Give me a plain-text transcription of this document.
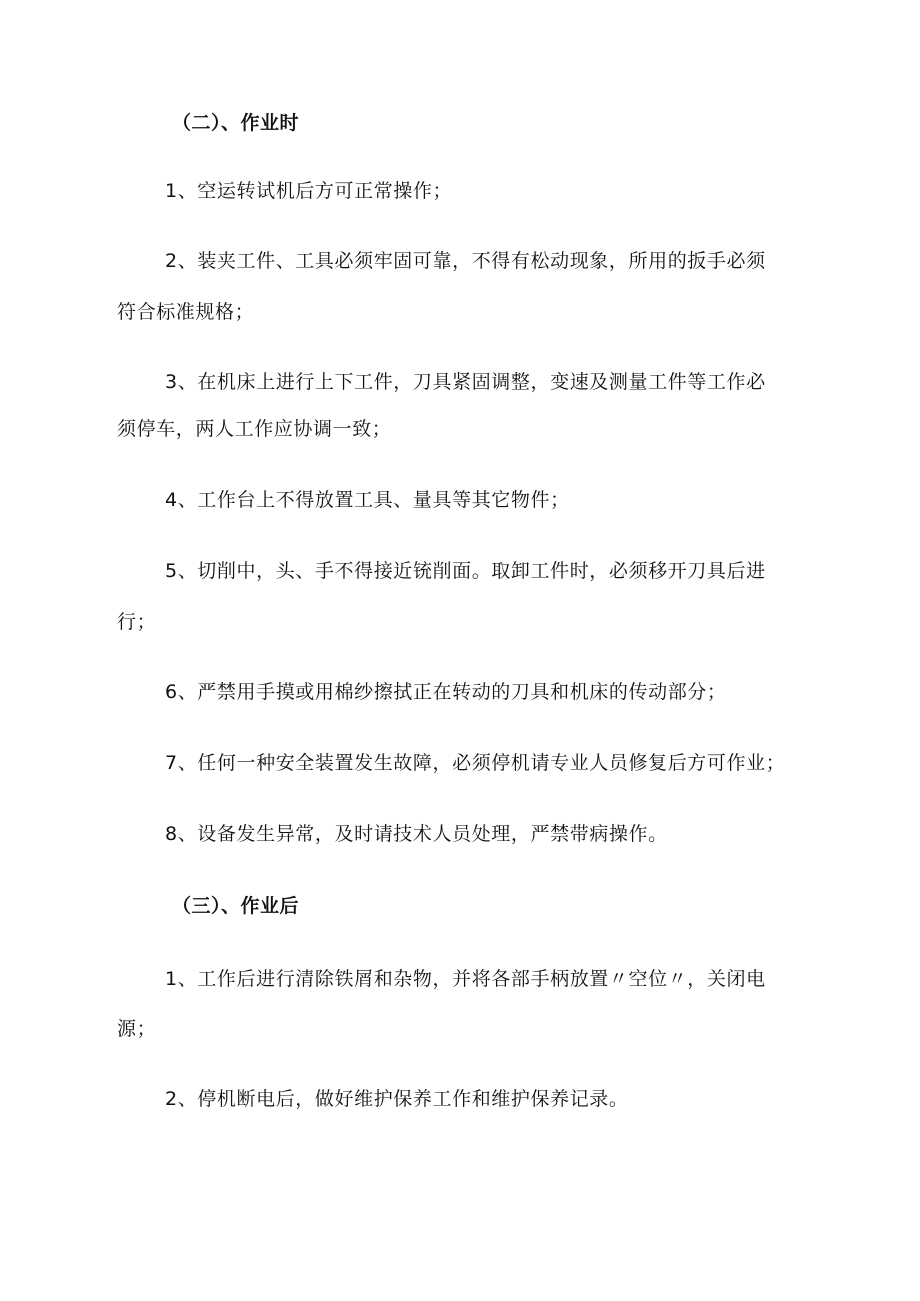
（二）、作业时
1、空运转试机后方可正常操作；
2、装夹工件、工具必须牢固可靠，不得有松动现象，所用的扳手必须
符合标准规格；
3、在机床上进行上下工件，刀具紧固调整，变速及测量工件等工作必
须停车，两人工作应协调一致；
4、工作台上不得放置工具、量具等其它物件；
5、切削中，头、手不得接近铳削面。取卸工件时，必须移开刀具后进
行；
6、严禁用手摸或用棉纱擦拭正在转动的刀具和机床的传动部分；
7、任何一种安全装置发生故障，必须停机请专业人员修复后方可作业；
8、设备发生异常，及时请技术人员处理，严禁带病操作。
（三）、作业后
1、工作后进行清除铁屑和杂物，并将各部手柄放置〃空位〃，关闭电
源；
2、停机断电后，做好维护保养工作和维护保养记录。
